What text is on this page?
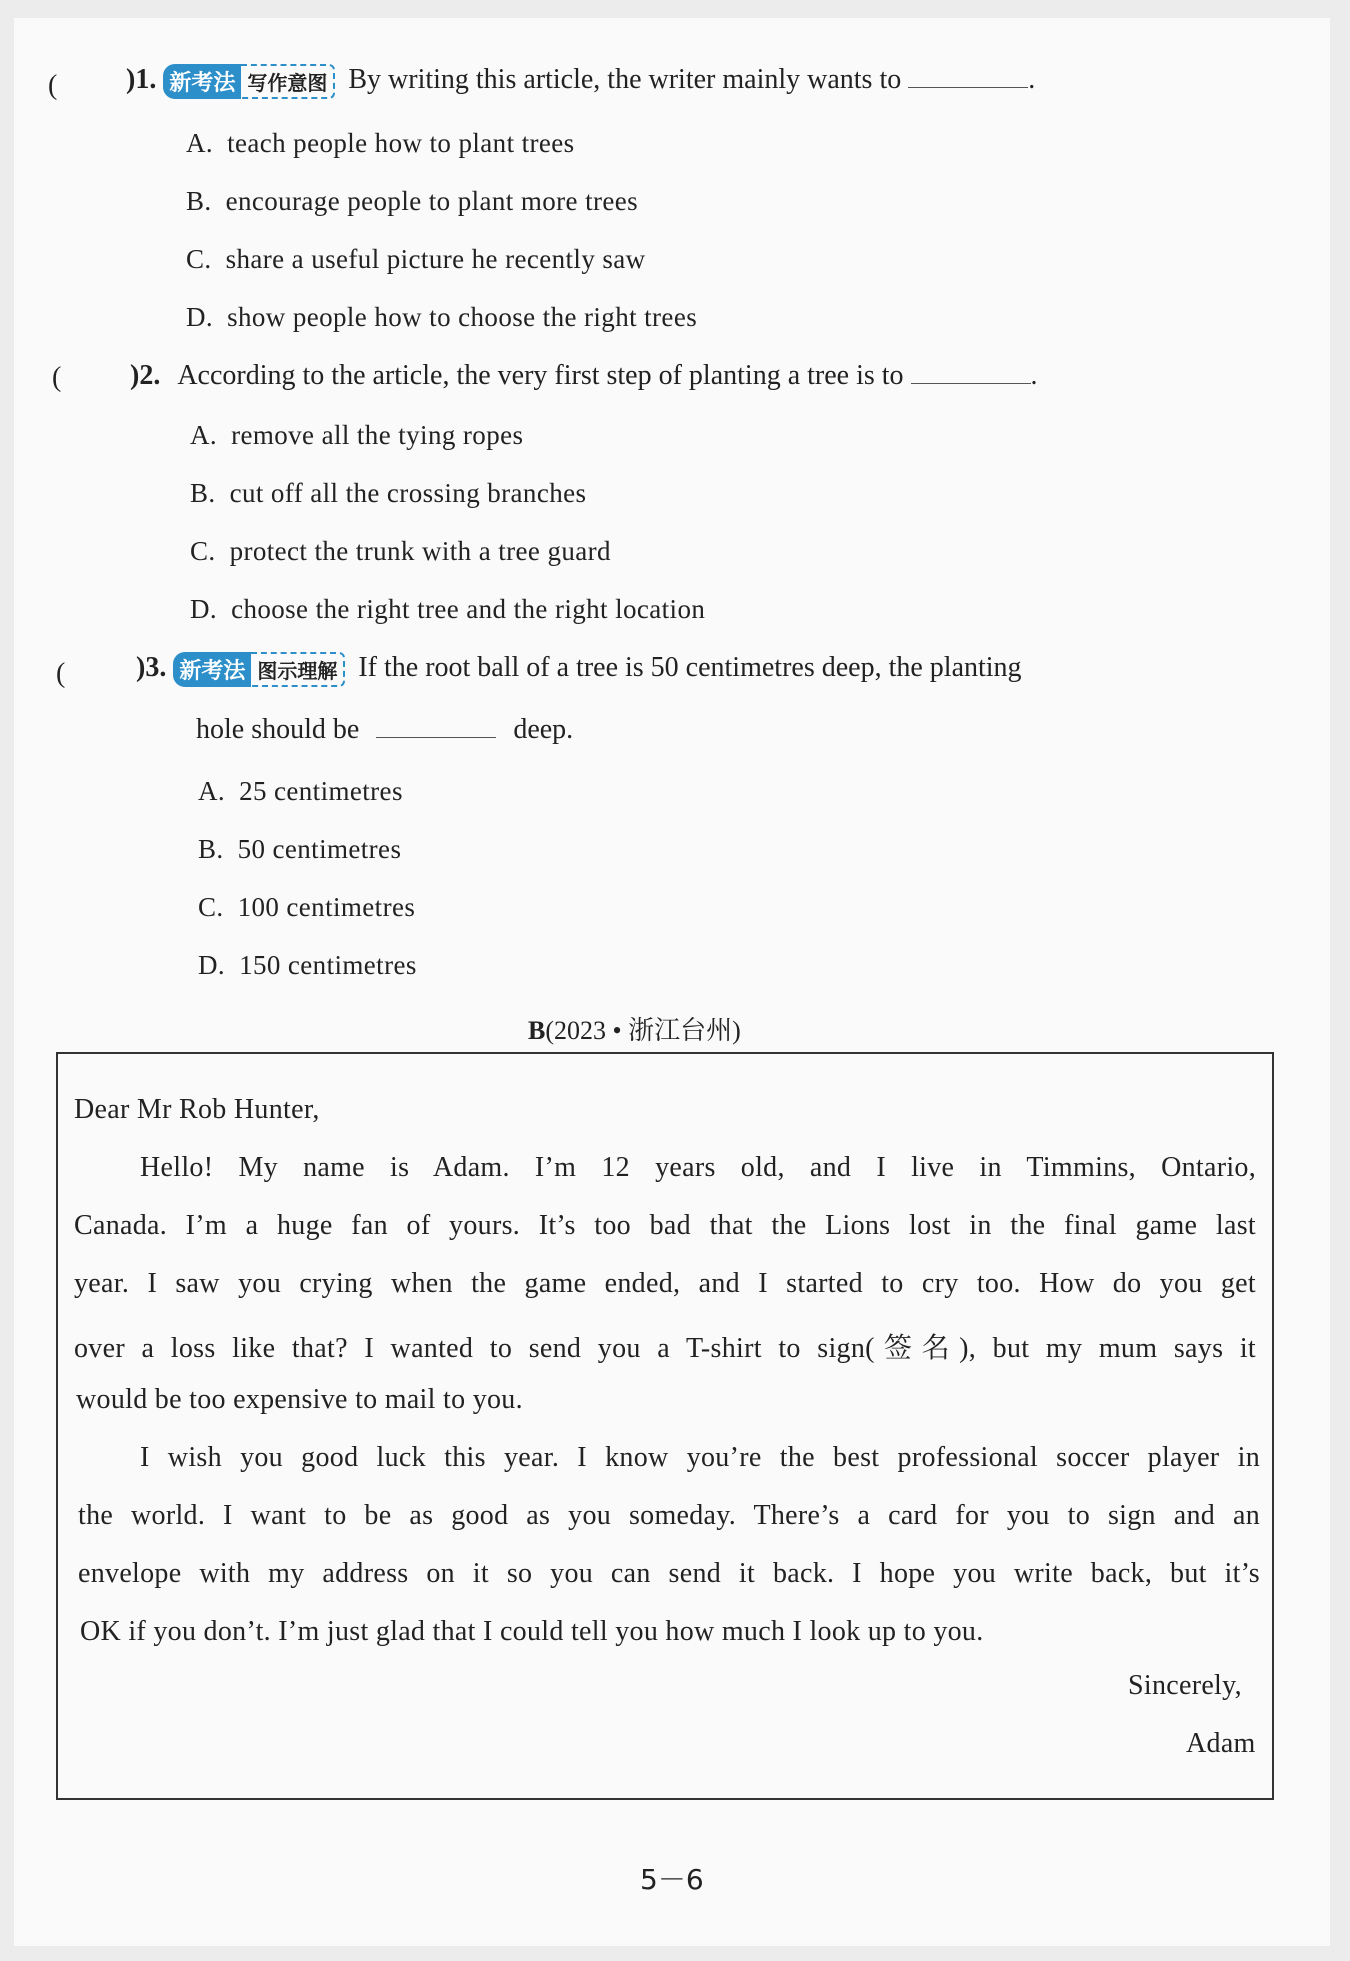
( )1. 新考法 写作意图 By writing this article, the writer mainly wants to	.
A. teach people how to plant trees
B. encourage people to plant more trees
C. share a useful picture he recently saw
D. show people how to choose the right trees
( )2. According to the article, the very first step of planting a tree is to	.
A. remove all the tying ropes
B. cut off all the crossing branches
C. protect the trunk with a tree guard
D. choose the right tree and the right location
(	)3. 新考法 图示理解 If the root ball of a tree is 50 centimetres deep, the planting
hole should be	deep.
A. 25 centimetres
B. 50 centimetres
C. 100 centimetres
D. 150 centimetres
B(2023 • 浙江台州)
Dear Mr Rob Hunter,
Hello! My name is Adam. I’m 12 years old, and I live in Timmins, Ontario,
Canada. I’m a huge fan of yours. It’s too bad that the Lions lost in the final game last
year. I saw you crying when the game ended, and I started to cry too. How do you get
over a loss like that? I wanted to send you a T-shirt to sign(签名), but my mum says it
would be too expensive to mail to you.
I wish you good luck this year. I know you’re the best professional soccer player in
the world. I want to be as good as you someday. There’s a card for you to sign and an
envelope with my address on it so you can send it back. I hope you write back, but it’s
OK if you don’t. I’m just glad that I could tell you how much I look up to you.
Sincerely,
Adam
5－6
